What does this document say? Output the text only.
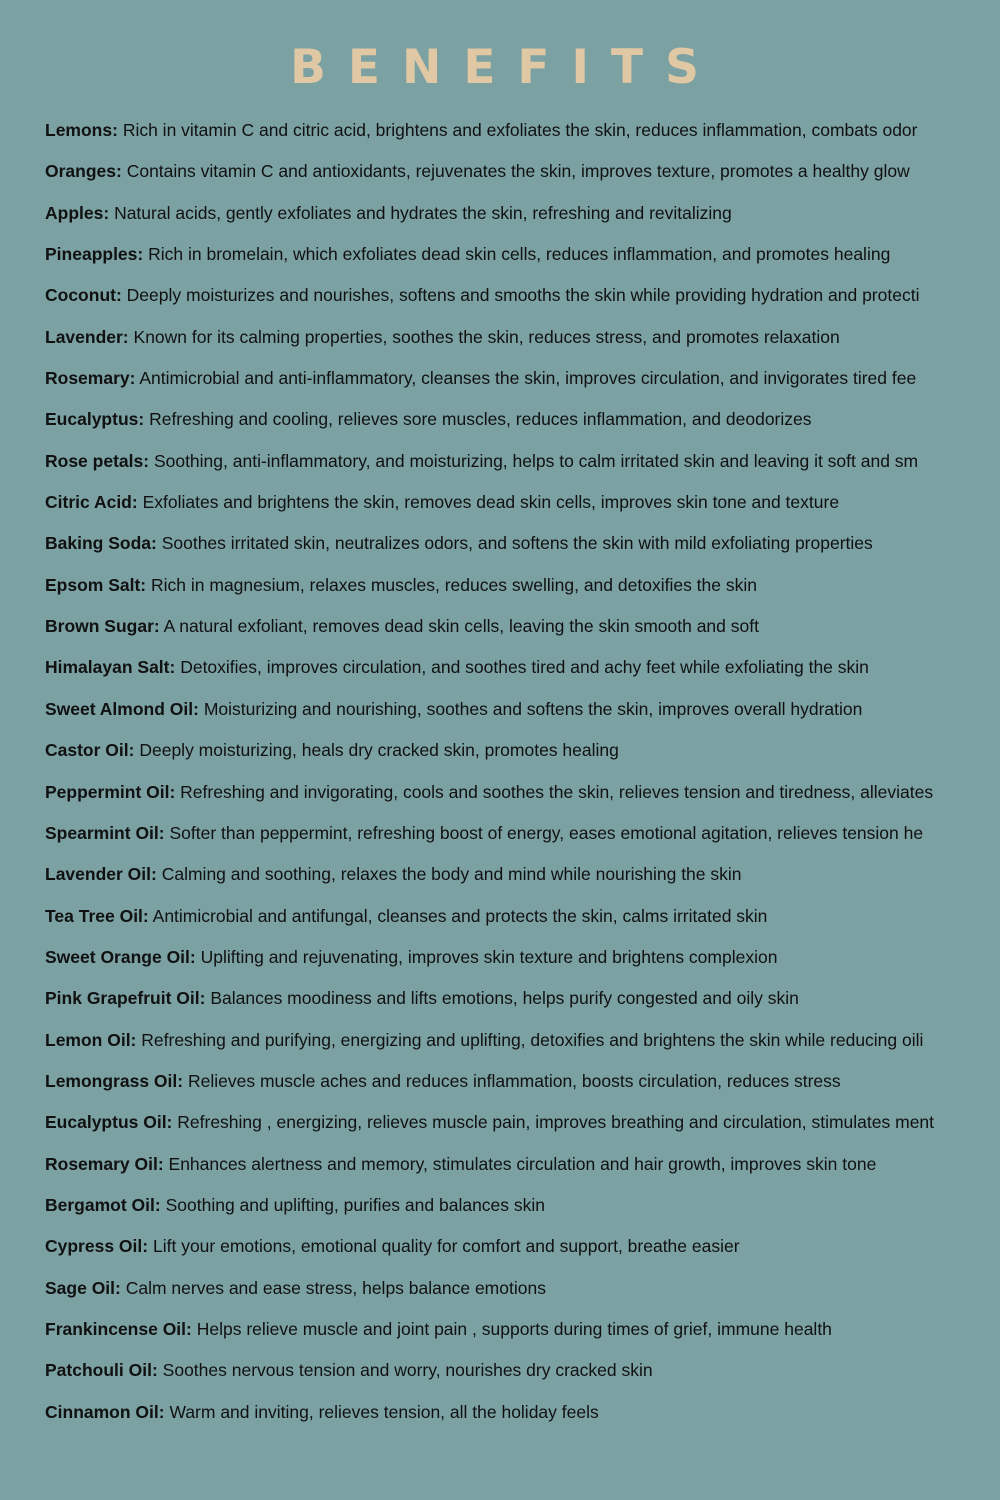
BENEFITS
Lemons: Rich in vitamin C and citric acid, brightens and exfoliates the skin, reduces inflammation, combats odor
Oranges: Contains vitamin C and antioxidants, rejuvenates the skin, improves texture, promotes a healthy glow
Apples: Natural acids, gently exfoliates and hydrates the skin, refreshing and revitalizing
Pineapples: Rich in bromelain, which exfoliates dead skin cells, reduces inflammation, and promotes healing
Coconut: Deeply moisturizes and nourishes, softens and smooths the skin while providing hydration and protecti
Lavender: Known for its calming properties, soothes the skin, reduces stress, and promotes relaxation
Rosemary: Antimicrobial and anti-inflammatory, cleanses the skin, improves circulation, and invigorates tired fee
Eucalyptus: Refreshing and cooling, relieves sore muscles, reduces inflammation, and deodorizes
Rose petals: Soothing, anti-inflammatory, and moisturizing, helps to calm irritated skin and leaving it soft and sm
Citric Acid: Exfoliates and brightens the skin, removes dead skin cells, improves skin tone and texture
Baking Soda: Soothes irritated skin, neutralizes odors, and softens the skin with mild exfoliating properties
Epsom Salt: Rich in magnesium, relaxes muscles, reduces swelling, and detoxifies the skin
Brown Sugar: A natural exfoliant, removes dead skin cells, leaving the skin smooth and soft
Himalayan Salt: Detoxifies, improves circulation, and soothes tired and achy feet while exfoliating the skin
Sweet Almond Oil: Moisturizing and nourishing, soothes and softens the skin, improves overall hydration
Castor Oil: Deeply moisturizing, heals dry cracked skin, promotes healing
Peppermint Oil: Refreshing and invigorating, cools and soothes the skin, relieves tension and tiredness, alleviates
Spearmint Oil: Softer than peppermint, refreshing boost of energy, eases emotional agitation, relieves tension he
Lavender Oil: Calming and soothing, relaxes the body and mind while nourishing the skin
Tea Tree Oil: Antimicrobial and antifungal, cleanses and protects the skin, calms irritated skin
Sweet Orange Oil: Uplifting and rejuvenating, improves skin texture and brightens complexion
Pink Grapefruit Oil: Balances moodiness and lifts emotions, helps purify congested and oily skin
Lemon Oil: Refreshing and purifying, energizing and uplifting, detoxifies and brightens the skin while reducing oili
Lemongrass Oil: Relieves muscle aches and reduces inflammation, boosts circulation, reduces stress
Eucalyptus Oil: Refreshing , energizing, relieves muscle pain, improves breathing and circulation, stimulates ment
Rosemary Oil: Enhances alertness and memory, stimulates circulation and hair growth, improves skin tone
Bergamot Oil: Soothing and uplifting, purifies and balances skin
Cypress Oil: Lift your emotions, emotional quality for comfort and support, breathe easier
Sage Oil: Calm nerves and ease stress, helps balance emotions
Frankincense Oil: Helps relieve muscle and joint pain , supports during times of grief, immune health
Patchouli Oil: Soothes nervous tension and worry, nourishes dry cracked skin
Cinnamon Oil: Warm and inviting, relieves tension, all the holiday feels
